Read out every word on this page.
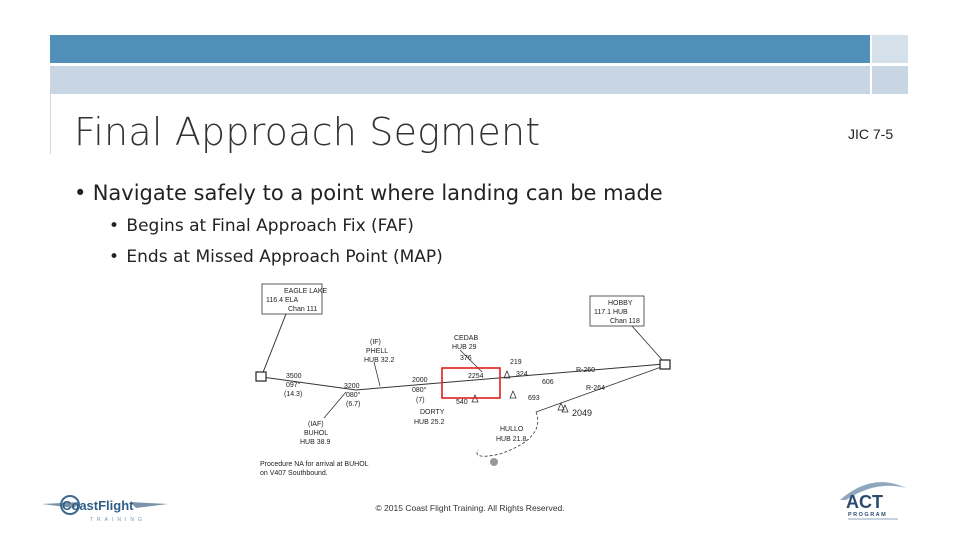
Final Approach Segment	JIC 7-5
• Navigate safely to a point where landing can be made
• Begins at Final Approach Fix (FAF)
• Ends at Missed Approach Point (MAP)
EAGLE LAKE
116.4 ELA
Chan 111
HOBBY
117.1 HUB
Chan 118
(IF)
PHELL
HUB 32.2
CEDAB
HUB 29
DORTY
HUB 25.2
(IAF)
BUHOL
HUB 38.9
HULLO
HUB 21.8
3500
097°
(14.3)
3200
080°
(6.7)
2000
080°
(7)
2254
2049
R-260
R-264
376
219
324
606
693
540
Procedure NA for arrival at BUHOL
on V407 Southbound.
© 2015 Coast Flight Training. All Rights Reserved.
CoastFlight
TRAINING
ACT
PROGRAM
